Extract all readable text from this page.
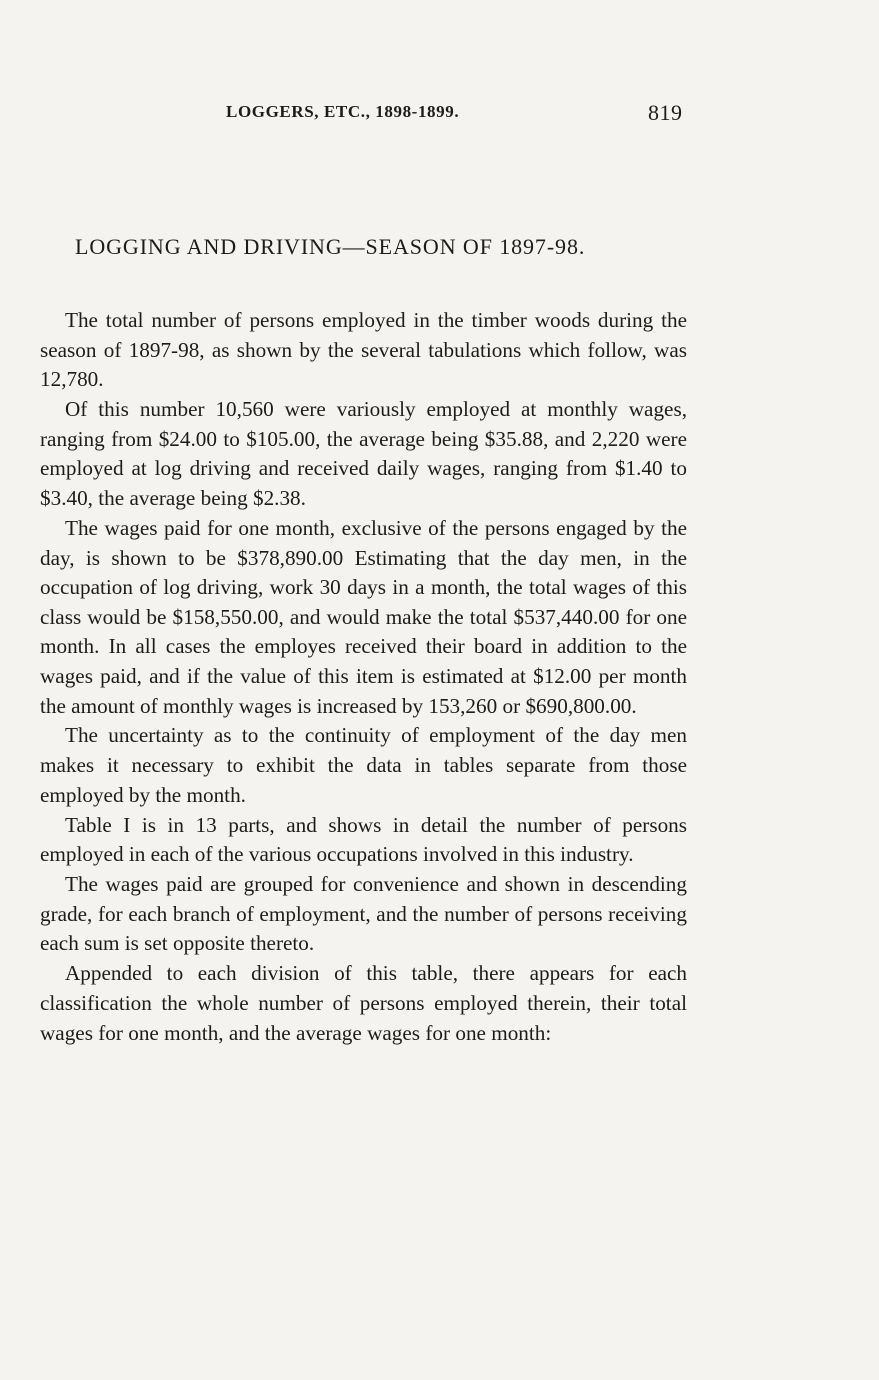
LOGGERS, ETC., 1898-1899.	819
LOGGING AND DRIVING—SEASON OF 1897-98.

The total number of persons employed in the timber woods during the season of 1897-98, as shown by the several tabulations which follow, was 12,780.

Of this number 10,560 were variously employed at monthly wages, ranging from $24.00 to $105.00, the average being $35.88, and 2,220 were employed at log driving and received daily wages, ranging from $1.40 to $3.40, the average being $2.38.

The wages paid for one month, exclusive of the persons engaged by the day, is shown to be $378,890.00 Estimating that the day men, in the occupation of log driving, work 30 days in a month, the total wages of this class would be $158,550.00, and would make the total $537,440.00 for one month. In all cases the employes received their board in addition to the wages paid, and if the value of this item is estimated at $12.00 per month the amount of monthly wages is increased by 153,260 or $690,800.00.

The uncertainty as to the continuity of employment of the day men makes it necessary to exhibit the data in tables separate from those employed by the month.

Table I is in 13 parts, and shows in detail the number of persons employed in each of the various occupations involved in this industry.

The wages paid are grouped for convenience and shown in descending grade, for each branch of employment, and the number of persons receiving each sum is set opposite thereto.

Appended to each division of this table, there appears for each classification the whole number of persons employed therein, their total wages for one month, and the average wages for one month:
